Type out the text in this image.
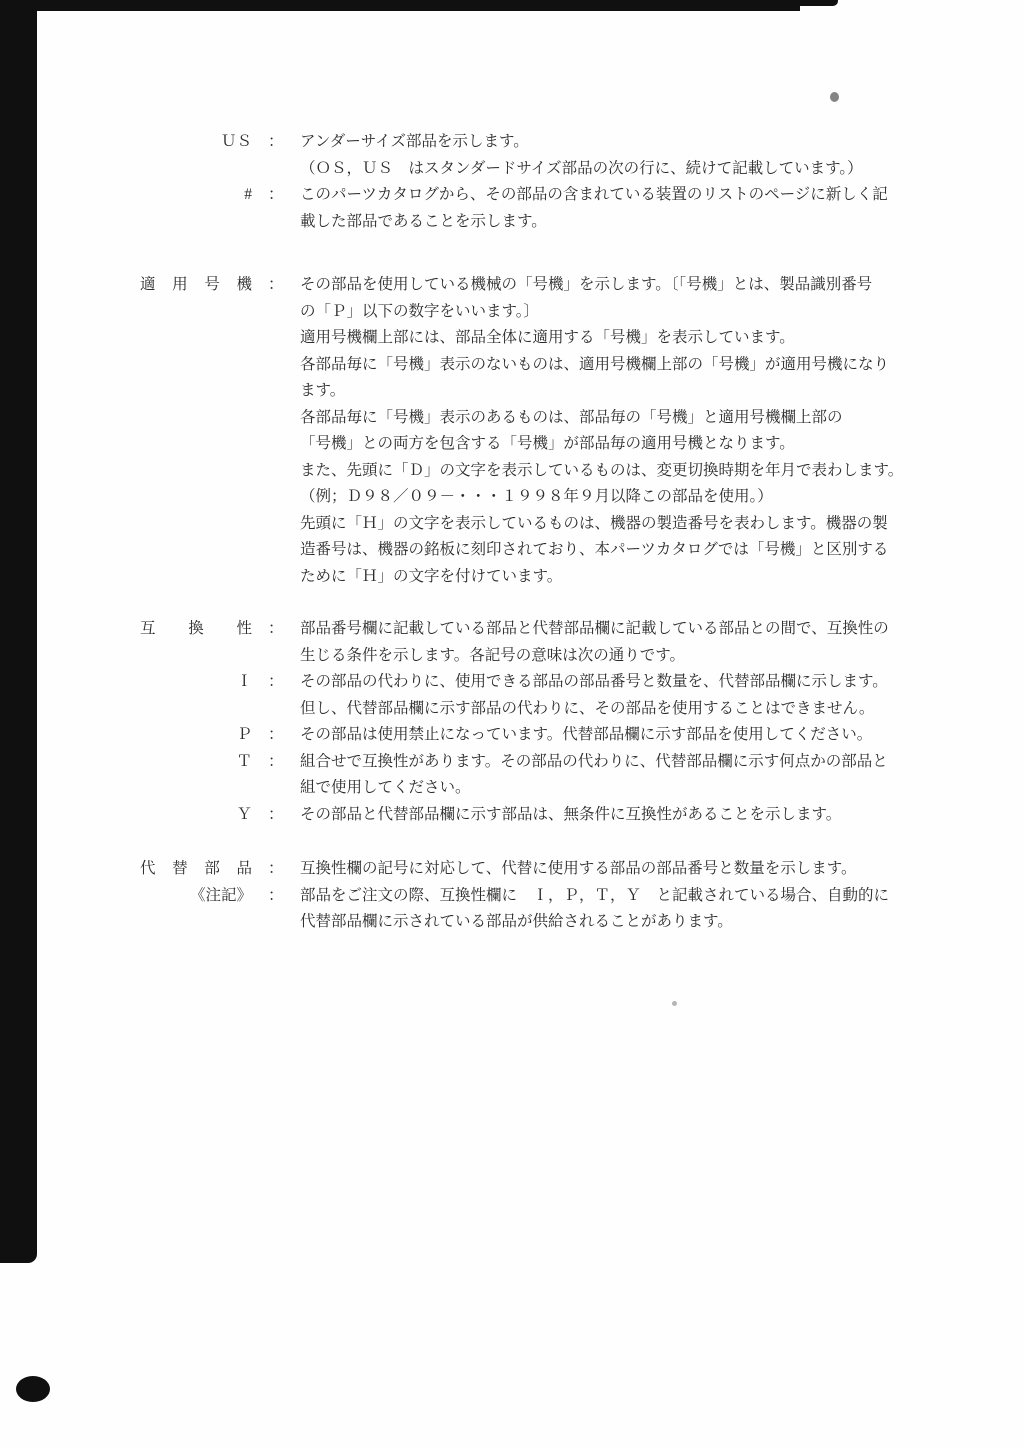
ＵＳ	：	アンダーサイズ部品を示します。
（ＯＳ，ＵＳ　はスタンダードサイズ部品の次の行に、続けて記載しています。）
#	：	このパーツカタログから、その部品の含まれている装置のリストのページに新しく記
載した部品であることを示します。
適　用　号　機	：	その部品を使用している機械の「号機」を示します。〔「号機」とは、製品識別番号
の「Ｐ」以下の数字をいいます。〕
適用号機欄上部には、部品全体に適用する「号機」を表示しています。
各部品毎に「号機」表示のないものは、適用号機欄上部の「号機」が適用号機になり
ます。
各部品毎に「号機」表示のあるものは、部品毎の「号機」と適用号機欄上部の
「号機」との両方を包含する「号機」が部品毎の適用号機となります。
また、先頭に「Ｄ」の文字を表示しているものは、変更切換時期を年月で表わします。
（例；Ｄ９８／０９－・・・１９９８年９月以降この部品を使用。）
先頭に「Ｈ」の文字を表示しているものは、機器の製造番号を表わします。機器の製
造番号は、機器の銘板に刻印されており、本パーツカタログでは「号機」と区別する
ために「Ｈ」の文字を付けています。
互　換　性	：	部品番号欄に記載している部品と代替部品欄に記載している部品との間で、互換性の
生じる条件を示します。各記号の意味は次の通りです。
Ｉ	：	その部品の代わりに、使用できる部品の部品番号と数量を、代替部品欄に示します。
但し、代替部品欄に示す部品の代わりに、その部品を使用することはできません。
Ｐ	：	その部品は使用禁止になっています。代替部品欄に示す部品を使用してください。
Ｔ	：	組合せで互換性があります。その部品の代わりに、代替部品欄に示す何点かの部品と
組で使用してください。
Ｙ	：	その部品と代替部品欄に示す部品は、無条件に互換性があることを示します。
代　替　部　品	：	互換性欄の記号に対応して、代替に使用する部品の部品番号と数量を示します。
《注記》	：	部品をご注文の際、互換性欄に　Ｉ，Ｐ，Ｔ，Ｙ　と記載されている場合、自動的に
代替部品欄に示されている部品が供給されることがあります。
